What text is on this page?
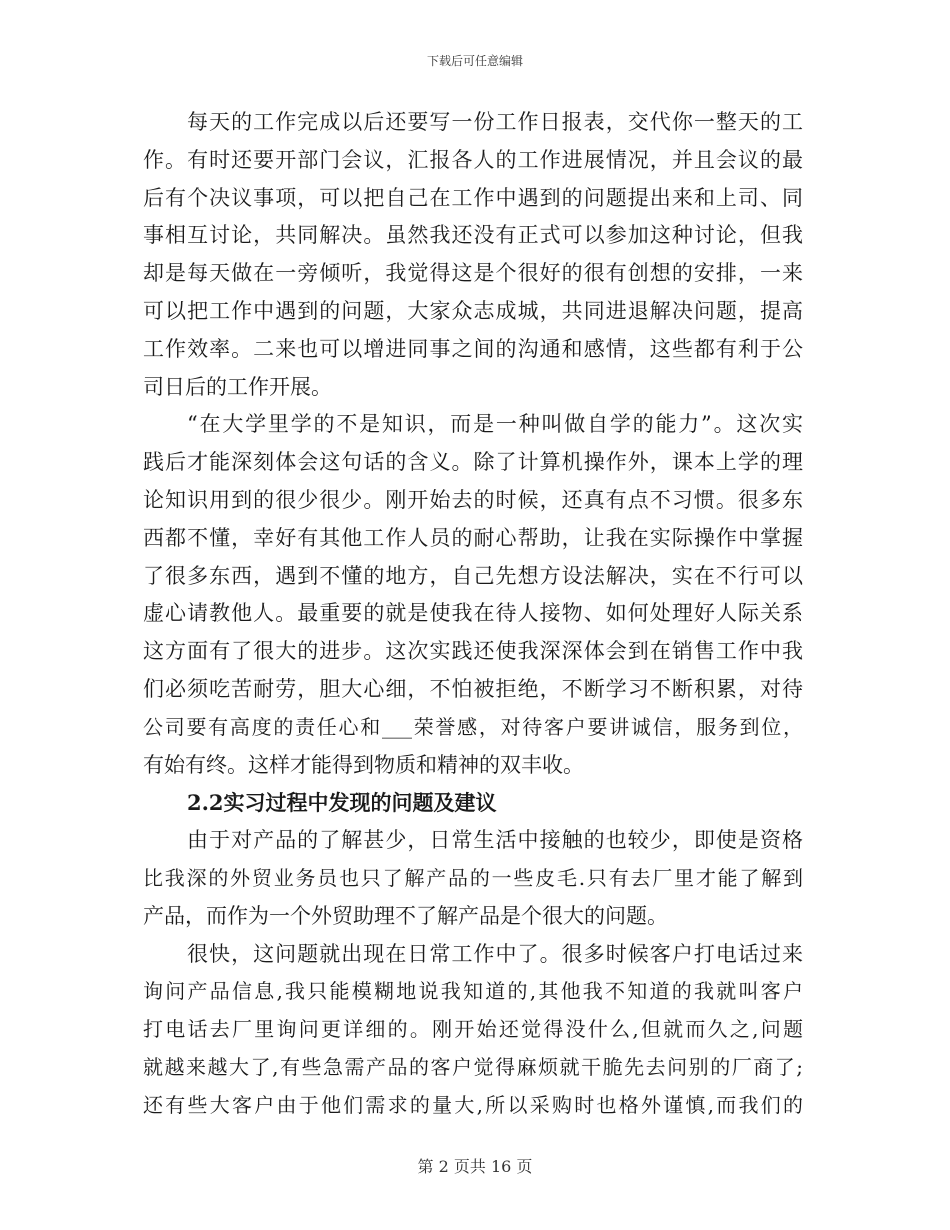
下载后可任意编辑
每天的工作完成以后还要写一份工作日报表，交代你一整天的工
作。有时还要开部门会议，汇报各人的工作进展情况，并且会议的最
后有个决议事项，可以把自己在工作中遇到的问题提出来和上司、同
事相互讨论，共同解决。虽然我还没有正式可以参加这种讨论，但我
却是每天做在一旁倾听，我觉得这是个很好的很有创想的安排，一来
可以把工作中遇到的问题，大家众志成城，共同进退解决问题，提高
工作效率。二来也可以增进同事之间的沟通和感情，这些都有利于公
司日后的工作开展。
“在大学里学的不是知识，而是一种叫做自学的能力”。这次实
践后才能深刻体会这句话的含义。除了计算机操作外，课本上学的理
论知识用到的很少很少。刚开始去的时候，还真有点不习惯。很多东
西都不懂，幸好有其他工作人员的耐心帮助，让我在实际操作中掌握
了很多东西，遇到不懂的地方，自己先想方设法解决，实在不行可以
虚心请教他人。最重要的就是使我在待人接物、如何处理好人际关系
这方面有了很大的进步。这次实践还使我深深体会到在销售工作中我
们必须吃苦耐劳，胆大心细，不怕被拒绝，不断学习不断积累，对待
公司要有高度的责任心和___荣誉感，对待客户要讲诚信，服务到位，
有始有终。这样才能得到物质和精神的双丰收。
2.2实习过程中发现的问题及建议
由于对产品的了解甚少，日常生活中接触的也较少，即使是资格
比我深的外贸业务员也只了解产品的一些皮毛.只有去厂里才能了解到
产品，而作为一个外贸助理不了解产品是个很大的问题。
很快，这问题就出现在日常工作中了。很多时候客户打电话过来
询问产品信息,我只能模糊地说我知道的,其他我不知道的我就叫客户
打电话去厂里询问更详细的。刚开始还觉得没什么,但就而久之,问题
就越来越大了,有些急需产品的客户觉得麻烦就干脆先去问别的厂商了;
还有些大客户由于他们需求的量大,所以采购时也格外谨慎,而我们的
第 2 页共 16 页
